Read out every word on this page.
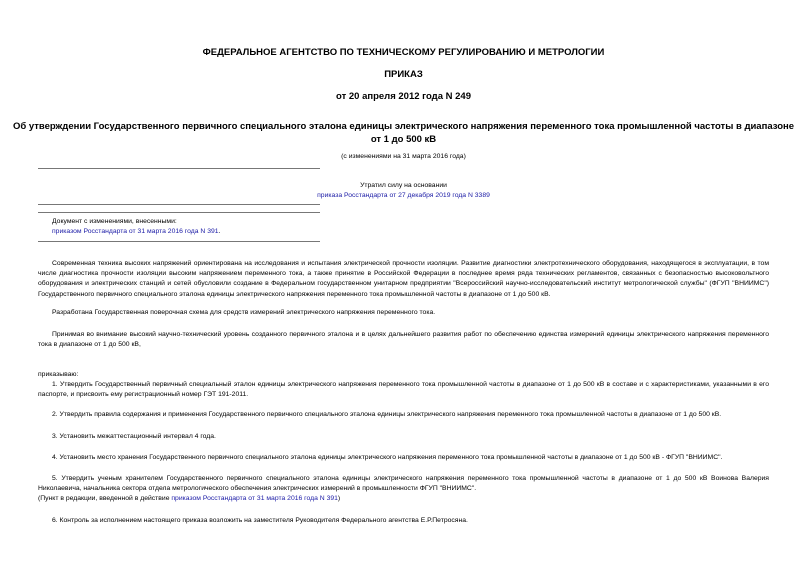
ФЕДЕРАЛЬНОЕ АГЕНТСТВО ПО ТЕХНИЧЕСКОМУ РЕГУЛИРОВАНИЮ И МЕТРОЛОГИИ
ПРИКАЗ
от 20 апреля 2012 года N 249
Об утверждении Государственного первичного специального эталона единицы электрического напряжения переменного тока промышленной частоты в диапазоне
от 1 до 500 кВ
(с изменениями на 31 марта 2016 года)
Утратил силу на основании
приказа Росстандарта от 27 декабря 2019 года N 3389
Документ с изменениями, внесенными:
приказом Росстандарта от 31 марта 2016 года N 391.

Современная техника высоких напряжений ориентирована на исследования и испытания электрической прочности изоляции. Развитие диагностики электротехнического оборудования, находящегося в эксплуатации, в том числе диагностика прочности изоляции высоким напряжением переменного тока, а также принятие в Российской Федерации в последнее время ряда технических регламентов, связанных с безопасностью высоковольтного оборудования и электрических станций и сетей обусловили создание в Федеральном государственном унитарном предприятии "Всероссийский научно-исследовательский институт метрологической службы" (ФГУП "ВНИИМС") Государственного первичного специального эталона единицы электрического напряжения переменного тока промышленной частоты в диапазоне от 1 до 500 кВ.

Разработана Государственная поверочная схема для средств измерений электрического напряжения переменного тока.

Принимая во внимание высокий научно-технический уровень созданного первичного эталона и в целях дальнейшего развития работ по обеспечению единства измерений единицы электрического напряжения переменного тока в диапазоне от 1 до 500 кВ,

приказываю:

1. Утвердить Государственный первичный специальный эталон единицы электрического напряжения переменного тока промышленной частоты в диапазоне от 1 до 500 кВ в составе и с характеристиками, указанными в его паспорте, и присвоить ему регистрационный номер ГЭТ 191-2011.

2. Утвердить правила содержания и применения Государственного первичного специального эталона единицы электрического напряжения переменного тока промышленной частоты в диапазоне от 1 до 500 кВ.

3. Установить межаттестационный интервал 4 года.

4. Установить место хранения Государственного первичного специального эталона единицы электрического напряжения переменного тока промышленной частоты в диапазоне от 1 до 500 кВ - ФГУП "ВНИИМС".

5. Утвердить ученым хранителем Государственного первичного специального эталона единицы электрического напряжения переменного тока промышленной частоты в диапазоне от 1 до 500 кВ Воинова Валерия Николаевича, начальника сектора отдела метрологического обеспечения электрических измерений в промышленности ФГУП "ВНИИМС".

(Пункт в редакции, введенной в действие приказом Росстандарта от 31 марта 2016 года N 391)

6. Контроль за исполнением настоящего приказа возложить на заместителя Руководителя Федерального агентства Е.Р.Петросяна.
